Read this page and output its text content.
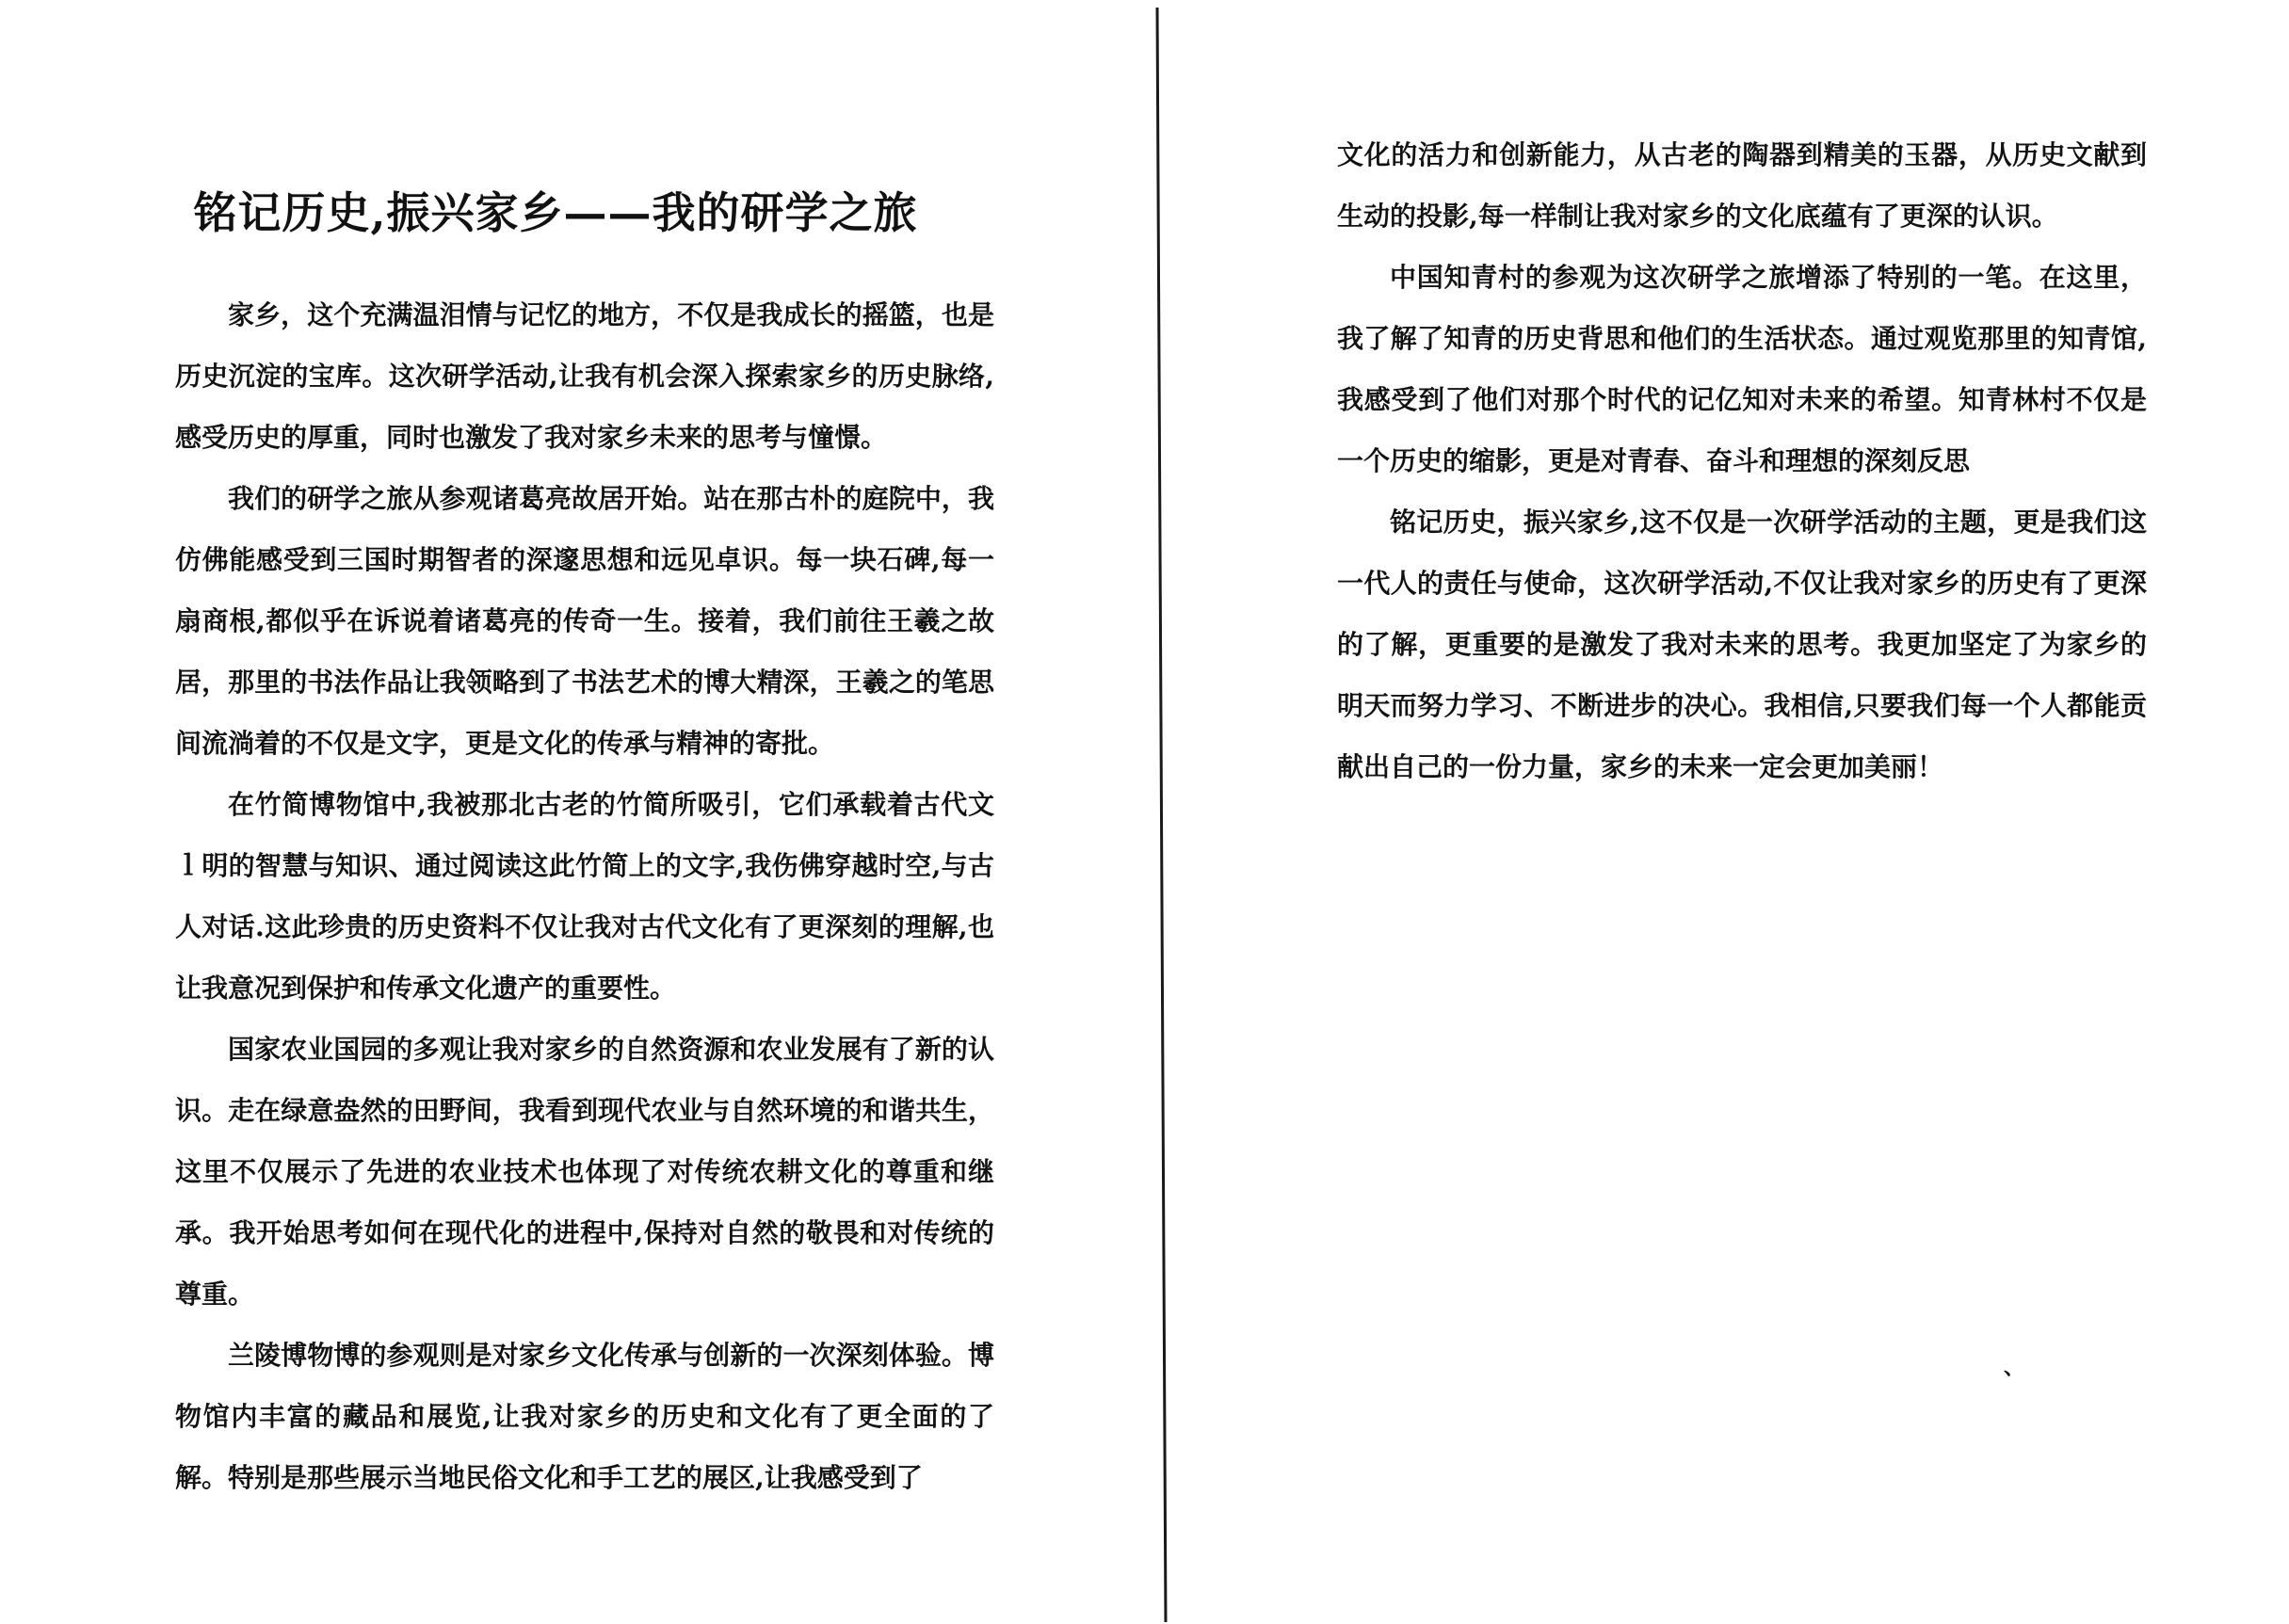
铭记历史,振兴家乡——我的研学之旅

家乡，这个充满温泪情与记忆的地方，不仅是我成长的摇篮，也是历史沉淀的宝库。这次研学活动,让我有机会深入探索家乡的历史脉络,感受历史的厚重，同时也激发了我对家乡未来的思考与憧憬。

我们的研学之旅从参观诸葛亮故居开始。站在那古朴的庭院中，我仿佛能感受到三国时期智者的深邃思想和远见卓识。每一块石碑,每一扇商根,都似乎在诉说着诸葛亮的传奇一生。接着，我们前往王羲之故居，那里的书法作品让我领略到了书法艺术的博大精深，王羲之的笔思间流淌着的不仅是文字，更是文化的传承与精神的寄批。

在竹简博物馆中,我被那北古老的竹简所吸引，它们承载着古代文ｌ明的智慧与知识、通过阅读这此竹简上的文字,我伤佛穿越时空,与古人对话.这此珍贵的历史资料不仅让我对古代文化有了更深刻的理解,也让我意况到保护和传承文化遗产的重要性。

国家农业国园的多观让我对家乡的自然资源和农业发展有了新的认识。走在绿意盎然的田野间，我看到现代农业与自然环境的和谐共生，这里不仅展示了先进的农业技术也体现了对传统农耕文化的尊重和继承。我开始思考如何在现代化的进程中,保持对自然的敬畏和对传统的尊重。

兰陵博物博的参观则是对家乡文化传承与创新的一次深刻体验。博物馆内丰富的藏品和展览,让我对家乡的历史和文化有了更全面的了解。特别是那些展示当地民俗文化和手工艺的展区,让我感受到了

文化的活力和创新能力，从古老的陶器到精美的玉器，从历史文献到生动的投影,每一样制让我对家乡的文化底蕴有了更深的认识。

中国知青村的参观为这次研学之旅增添了特别的一笔。在这里，我了解了知青的历史背思和他们的生活状态。通过观览那里的知青馆,我感受到了他们对那个时代的记亿知对未来的希望。知青林村不仅是一个历史的缩影，更是对青春、奋斗和理想的深刻反思

铭记历史，振兴家乡,这不仅是一次研学活动的主题，更是我们这一代人的责任与使命，这次研学活动,不仅让我对家乡的历史有了更深的了解，更重要的是激发了我对未来的思考。我更加坚定了为家乡的明天而努力学习、不断进步的决心。我相信,只要我们每一个人都能贡献出自己的一份力量，家乡的未来一定会更加美丽！

、
